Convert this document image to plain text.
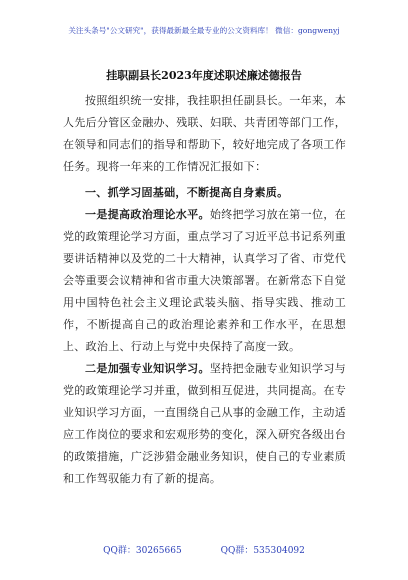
关注头条号"公文研究"，获得最新最全最专业的公文资料库！ 微信：gongwenyj
挂职副县长2023年度述职述廉述德报告

按照组织统一安排，我挂职担任副县长。一年来，本人先后分管区金融办、残联、妇联、共青团等部门工作，在领导和同志们的指导和帮助下，较好地完成了各项工作任务。现将一年来的工作情况汇报如下：

一、抓学习固基础，不断提高自身素质。

一是提高政治理论水平。始终把学习放在第一位，在党的政策理论学习方面，重点学习了习近平总书记系列重要讲话精神以及党的二十大精神，认真学习了省、市党代会等重要会议精神和省市重大决策部署。在新常态下自觉用中国特色社会主义理论武装头脑、指导实践、推动工作，不断提高自己的政治理论素养和工作水平，在思想上、政治上、行动上与党中央保持了高度一致。

二是加强专业知识学习。坚持把金融专业知识学习与党的政策理论学习并重，做到相互促进，共同提高。在专业知识学习方面，一直围绕自己从事的金融工作，主动适应工作岗位的要求和宏观形势的变化，深入研究各级出台的政策措施，广泛涉猎金融业务知识，使自己的专业素质和工作驾驭能力有了新的提高。

QQ群：30265665	QQ群：535304092
